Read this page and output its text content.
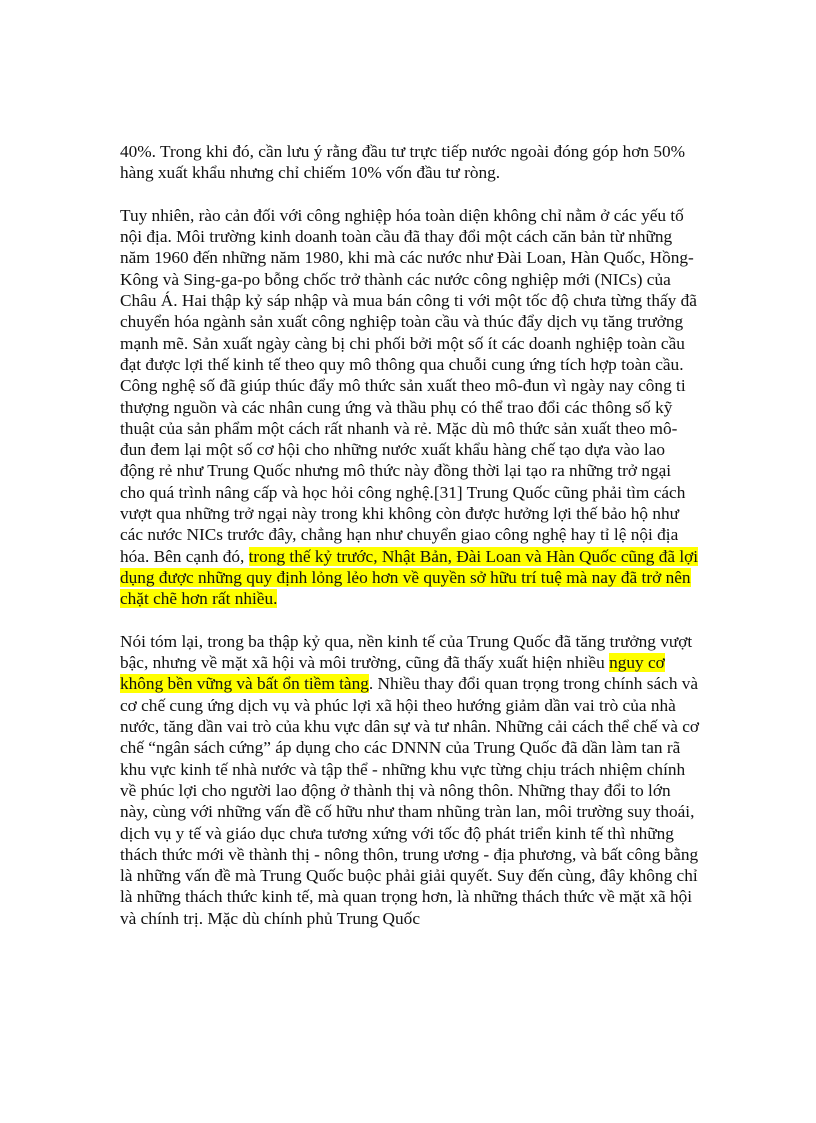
40%. Trong khi đó, cần lưu ý rằng đầu tư trực tiếp nước ngoài đóng góp hơn 50% hàng xuất khẩu nhưng chỉ chiếm 10% vốn đầu tư ròng.

Tuy nhiên, rào cản đối với công nghiệp hóa toàn diện không chỉ nằm ở các yếu tố nội địa. Môi trường kinh doanh toàn cầu đã thay đổi một cách căn bản từ những năm 1960 đến những năm 1980, khi mà các nước như Đài Loan, Hàn Quốc, Hồng-Kông và Sing-ga-po bỗng chốc trở thành các nước công nghiệp mới (NICs) của Châu Á. Hai thập kỷ sáp nhập và mua bán công ti với một tốc độ chưa từng thấy đã chuyển hóa ngành sản xuất công nghiệp toàn cầu và thúc đẩy dịch vụ tăng trưởng mạnh mẽ. Sản xuất ngày càng bị chi phối bởi một số ít các doanh nghiệp toàn cầu đạt được lợi thế kinh tế theo quy mô thông qua chuỗi cung ứng tích hợp toàn cầu. Công nghệ số đã giúp thúc đẩy mô thức sản xuất theo mô-đun vì ngày nay công ti thượng nguồn và các nhân cung ứng và thầu phụ có thể trao đổi các thông số kỹ thuật của sản phẩm một cách rất nhanh và rẻ. Mặc dù mô thức sản xuất theo mô-đun đem lại một số cơ hội cho những nước xuất khẩu hàng chế tạo dựa vào lao động rẻ như Trung Quốc nhưng mô thức này đồng thời lại tạo ra những trở ngại cho quá trình nâng cấp và học hỏi công nghệ.[31] Trung Quốc cũng phải tìm cách vượt qua những trở ngại này trong khi không còn được hưởng lợi thế bảo hộ như các nước NICs trước đây, chẳng hạn như chuyển giao công nghệ hay tỉ lệ nội địa hóa. Bên cạnh đó, trong thế kỷ trước, Nhật Bản, Đài Loan và Hàn Quốc cũng đã lợi dụng được những quy định lỏng lẻo hơn về quyền sở hữu trí tuệ mà nay đã trở nên chặt chẽ hơn rất nhiều.

Nói tóm lại, trong ba thập kỷ qua, nền kinh tế của Trung Quốc đã tăng trưởng vượt bậc, nhưng về mặt xã hội và môi trường, cũng đã thấy xuất hiện nhiều nguy cơ không bền vững và bất ổn tiềm tàng. Nhiều thay đổi quan trọng trong chính sách và cơ chế cung ứng dịch vụ và phúc lợi xã hội theo hướng giảm dần vai trò của nhà nước, tăng dần vai trò của khu vực dân sự và tư nhân. Những cải cách thể chế và cơ chế “ngân sách cứng” áp dụng cho các DNNN của Trung Quốc đã dần làm tan rã khu vực kinh tế nhà nước và tập thể - những khu vực từng chịu trách nhiệm chính về phúc lợi cho người lao động ở thành thị và nông thôn. Những thay đổi to lớn này, cùng với những vấn đề cố hữu như tham nhũng tràn lan, môi trường suy thoái, dịch vụ y tế và giáo dục chưa tương xứng với tốc độ phát triển kinh tế thì những thách thức mới về thành thị - nông thôn, trung ương - địa phương, và bất công bằng là những vấn đề mà Trung Quốc buộc phải giải quyết. Suy đến cùng, đây không chỉ là những thách thức kinh tế, mà quan trọng hơn, là những thách thức về mặt xã hội và chính trị. Mặc dù chính phủ Trung Quốc
